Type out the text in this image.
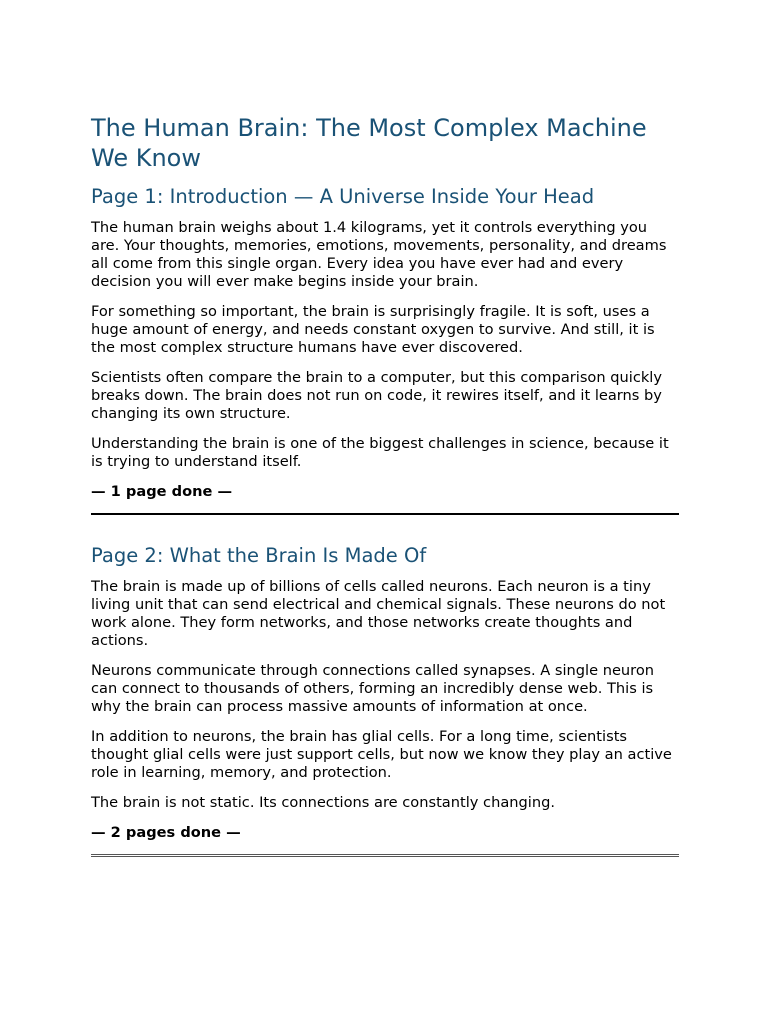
The Human Brain: The Most Complex Machine We Know
Page 1: Introduction — A Universe Inside Your Head

The human brain weighs about 1.4 kilograms, yet it controls everything you are. Your thoughts, memories, emotions, movements, personality, and dreams all come from this single organ. Every idea you have ever had and every decision you will ever make begins inside your brain.

For something so important, the brain is surprisingly fragile. It is soft, uses a huge amount of energy, and needs constant oxygen to survive. And still, it is the most complex structure humans have ever discovered.

Scientists often compare the brain to a computer, but this comparison quickly breaks down. The brain does not run on code, it rewires itself, and it learns by changing its own structure.

Understanding the brain is one of the biggest challenges in science, because it is trying to understand itself.

— 1 page done —

Page 2: What the Brain Is Made Of

The brain is made up of billions of cells called neurons. Each neuron is a tiny living unit that can send electrical and chemical signals. These neurons do not work alone. They form networks, and those networks create thoughts and actions.

Neurons communicate through connections called synapses. A single neuron can connect to thousands of others, forming an incredibly dense web. This is why the brain can process massive amounts of information at once.

In addition to neurons, the brain has glial cells. For a long time, scientists thought glial cells were just support cells, but now we know they play an active role in learning, memory, and protection.

The brain is not static. Its connections are constantly changing.

— 2 pages done —
